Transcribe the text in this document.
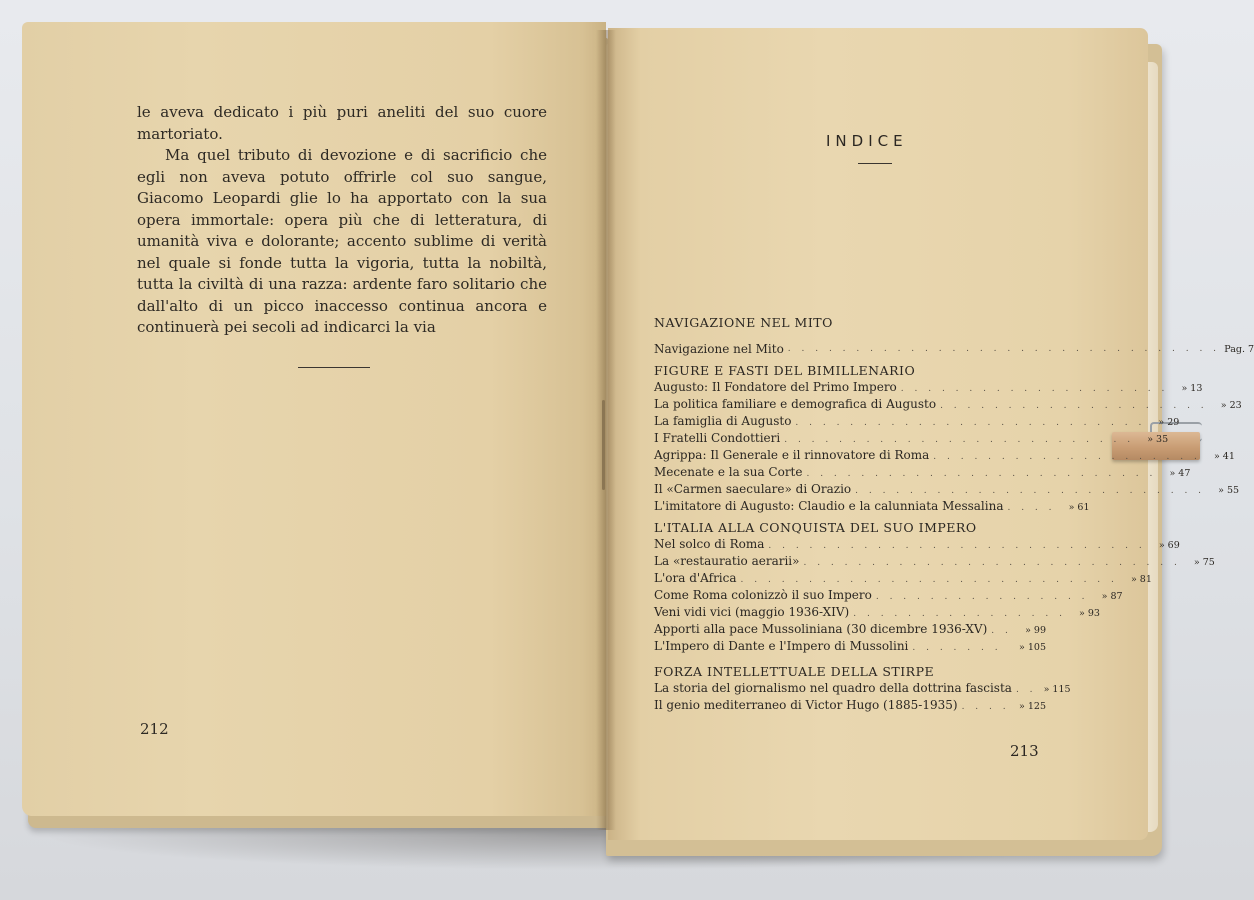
le aveva dedicato i più puri aneliti del suo cuore martoriato.

Ma quel tributo di devozione e di sacrificio che egli non aveva potuto offrirle col suo sangue, Giacomo Leopardi glie lo ha apportato con la sua opera immortale: opera più che di letteratura, di umanità viva e dolorante; accento sublime di verità nel quale si fonde tutta la vigoria, tutta la nobiltà, tutta la civiltà di una razza: ardente faro solitario che dall'alto di un picco inaccesso continua ancora e continuerà pei secoli ad indicarci la via

212
INDICE
NAVIGAZIONE NEL MITO
Navigazione nel Mito . . . . . . . . . . . . . . . . . . . . . . . . . . . . . . . . Pag. 7
FIGURE E FASTI DEL BIMILLENARIO
Augusto: Il Fondatore del Primo Impero . . . . . . . . . . . . . . . . . . . .	» 13
La politica familiare e demografica di Augusto . . . . . . . . . . . . . . . . . . . .	» 23
La famiglia di Augusto . . . . . . . . . . . . . . . . . . . . . . . . . .	» 29
I Fratelli Condottieri . . . . . . . . . . . . . . . . . . . . . . . . . .	» 35
Agrippa: Il Generale e il rinnovatore di Roma . . . . . . . . . . . . . . . . . . . .	» 41
Mecenate e la sua Corte . . . . . . . . . . . . . . . . . . . . . . . . . .	» 47
Il «Carmen saeculare» di Orazio . . . . . . . . . . . . . . . . . . . . . . . . . .	» 55
L'imitatore di Augusto: Claudio e la calunniata Messalina . . . .	» 61
L'ITALIA ALLA CONQUISTA DEL SUO IMPERO
Nel solco di Roma . . . . . . . . . . . . . . . . . . . . . . . . . . . .	» 69
La «restauratio aerarii» . . . . . . . . . . . . . . . . . . . . . . . . . . . .	» 75
L'ora d'Africa . . . . . . . . . . . . . . . . . . . . . . . . . . . .	» 81
Come Roma colonizzò il suo Impero . . . . . . . . . . . . . . . .	» 87
Veni vidi vici (maggio 1936-XIV) . . . . . . . . . . . . . . . .	» 93
Apporti alla pace Mussoliniana (30 dicembre 1936-XV) . .	» 99
L'Impero di Dante e l'Impero di Mussolini . . . . . . .	» 105
FORZA INTELLETTUALE DELLA STIRPE
La storia del giornalismo nel quadro della dottrina fascista . . » 115
Il genio mediterraneo di Victor Hugo (1885-1935) . . . . » 125
213
